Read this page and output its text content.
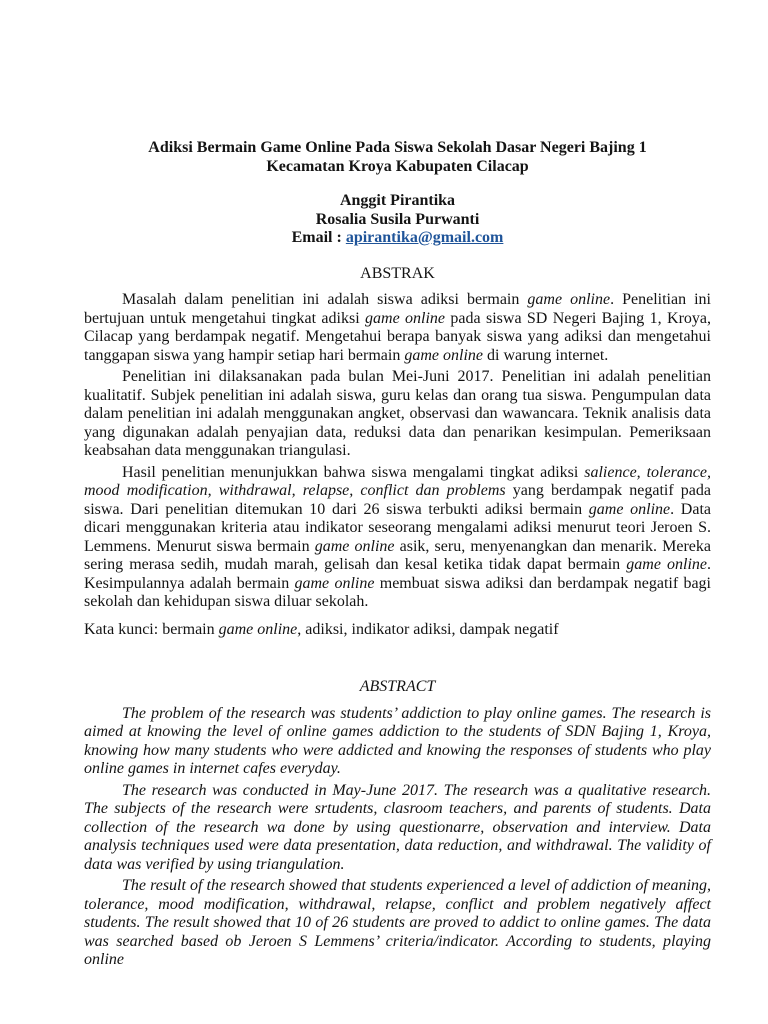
Adiksi Bermain Game Online Pada Siswa Sekolah Dasar Negeri Bajing 1
Kecamatan Kroya Kabupaten Cilacap
Anggit Pirantika
Rosalia Susila Purwanti
Email : apirantika@gmail.com
ABSTRAK

Masalah dalam penelitian ini adalah siswa adiksi bermain game online. Penelitian ini bertujuan untuk mengetahui tingkat adiksi game online pada siswa SD Negeri Bajing 1, Kroya, Cilacap yang berdampak negatif. Mengetahui berapa banyak siswa yang adiksi dan mengetahui tanggapan siswa yang hampir setiap hari bermain game online di warung internet.

Penelitian ini dilaksanakan pada bulan Mei-Juni 2017. Penelitian ini adalah penelitian kualitatif. Subjek penelitian ini adalah siswa, guru kelas dan orang tua siswa. Pengumpulan data dalam penelitian ini adalah menggunakan angket, observasi dan wawancara. Teknik analisis data yang digunakan adalah penyajian data, reduksi data dan penarikan kesimpulan. Pemeriksaan keabsahan data menggunakan triangulasi.

Hasil penelitian menunjukkan bahwa siswa mengalami tingkat adiksi salience, tolerance, mood modification, withdrawal, relapse, conflict dan problems yang berdampak negatif pada siswa. Dari penelitian ditemukan 10 dari 26 siswa terbukti adiksi bermain game online. Data dicari menggunakan kriteria atau indikator seseorang mengalami adiksi menurut teori Jeroen S. Lemmens. Menurut siswa bermain game online asik, seru, menyenangkan dan menarik. Mereka sering merasa sedih, mudah marah, gelisah dan kesal ketika tidak dapat bermain game online. Kesimpulannya adalah bermain game online membuat siswa adiksi dan berdampak negatif bagi sekolah dan kehidupan siswa diluar sekolah.

Kata kunci: bermain game online, adiksi, indikator adiksi, dampak negatif

ABSTRACT

The problem of the research was students’ addiction to play online games. The research is aimed at knowing the level of online games addiction to the students of SDN Bajing 1, Kroya, knowing how many students who were addicted and knowing the responses of students who play online games in internet cafes everyday.

The research was conducted in May-June 2017. The research was a qualitative research. The subjects of the research were srtudents, clasroom teachers, and parents of students. Data collection of the research wa done by using questionarre, observation and interview. Data analysis techniques used were data presentation, data reduction, and withdrawal. The validity of data was verified by using triangulation.

The result of the research showed that students experienced a level of addiction of meaning, tolerance, mood modification, withdrawal, relapse, conflict and problem negatively affect students. The result showed that 10 of 26 students are proved to addict to online games. The data was searched based ob Jeroen S Lemmens’ criteria/indicator. According to students, playing online
